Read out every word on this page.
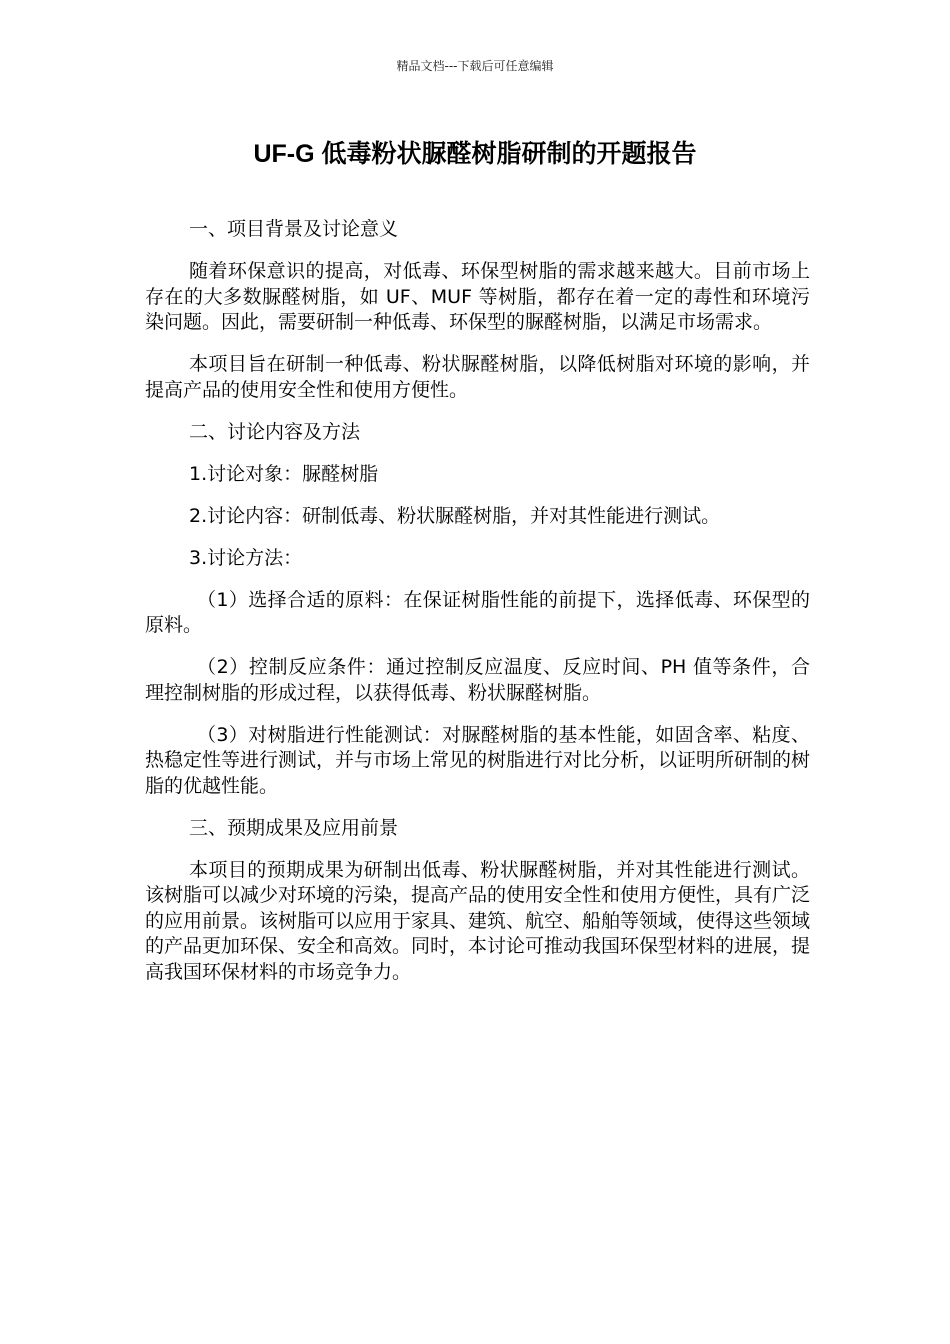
精品文档---下载后可任意编辑
UF-G 低毒粉状脲醛树脂研制的开题报告

一、项目背景及讨论意义

随着环保意识的提高，对低毒、环保型树脂的需求越来越大。目前市场上存在的大多数脲醛树脂，如 UF、MUF 等树脂，都存在着一定的毒性和环境污染问题。因此，需要研制一种低毒、环保型的脲醛树脂，以满足市场需求。

本项目旨在研制一种低毒、粉状脲醛树脂，以降低树脂对环境的影响，并提高产品的使用安全性和使用方便性。

二、讨论内容及方法

1.讨论对象：脲醛树脂

2.讨论内容：研制低毒、粉状脲醛树脂，并对其性能进行测试。

3.讨论方法：

（1）选择合适的原料：在保证树脂性能的前提下，选择低毒、环保型的原料。

（2）控制反应条件：通过控制反应温度、反应时间、PH 值等条件，合理控制树脂的形成过程，以获得低毒、粉状脲醛树脂。

（3）对树脂进行性能测试：对脲醛树脂的基本性能，如固含率、粘度、热稳定性等进行测试，并与市场上常见的树脂进行对比分析，以证明所研制的树脂的优越性能。

三、预期成果及应用前景

本项目的预期成果为研制出低毒、粉状脲醛树脂，并对其性能进行测试。该树脂可以减少对环境的污染，提高产品的使用安全性和使用方便性，具有广泛的应用前景。该树脂可以应用于家具、建筑、航空、船舶等领域，使得这些领域的产品更加环保、安全和高效。同时，本讨论可推动我国环保型材料的进展，提高我国环保材料的市场竞争力。
